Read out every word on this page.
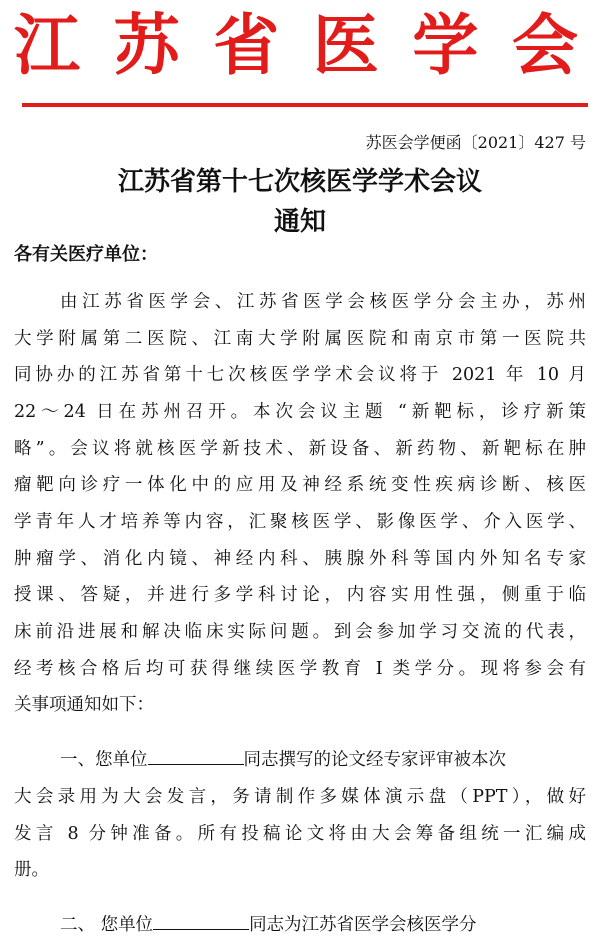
江 苏 省 医 学 会
苏医会学便函〔2021〕427 号
江苏省第十七次核医学学术会议
通知
各有关医疗单位：
由江苏省医学会、江苏省医学会核医学分会主办，苏州
大学附属第二医院、江南大学附属医院和南京市第一医院共
同协办的江苏省第十七次核医学学术会议将于 2021 年 10 月
22～24 日在苏州召开。本次会议主题 “新靶标，诊疗新策
略”。会议将就核医学新技术、新设备、新药物、新靶标在肿
瘤靶向诊疗一体化中的应用及神经系统变性疾病诊断、核医
学青年人才培养等内容，汇聚核医学、影像医学、介入医学、
肿瘤学、消化内镜、神经内科、胰腺外科等国内外知名专家
授课、答疑，并进行多学科讨论，内容实用性强，侧重于临
床前沿进展和解决临床实际问题。到会参加学习交流的代表，
经考核合格后均可获得继续医学教育 I 类学分。现将参会有
关事项通知如下：
一、您单位	同志撰写的论文经专家评审被本次
大会录用为大会发言，务请制作多媒体演示盘（PPT），做好
发言 8 分钟准备。所有投稿论文将由大会筹备组统一汇编成
册。
二、 您单位	同志为江苏省医学会核医学分
